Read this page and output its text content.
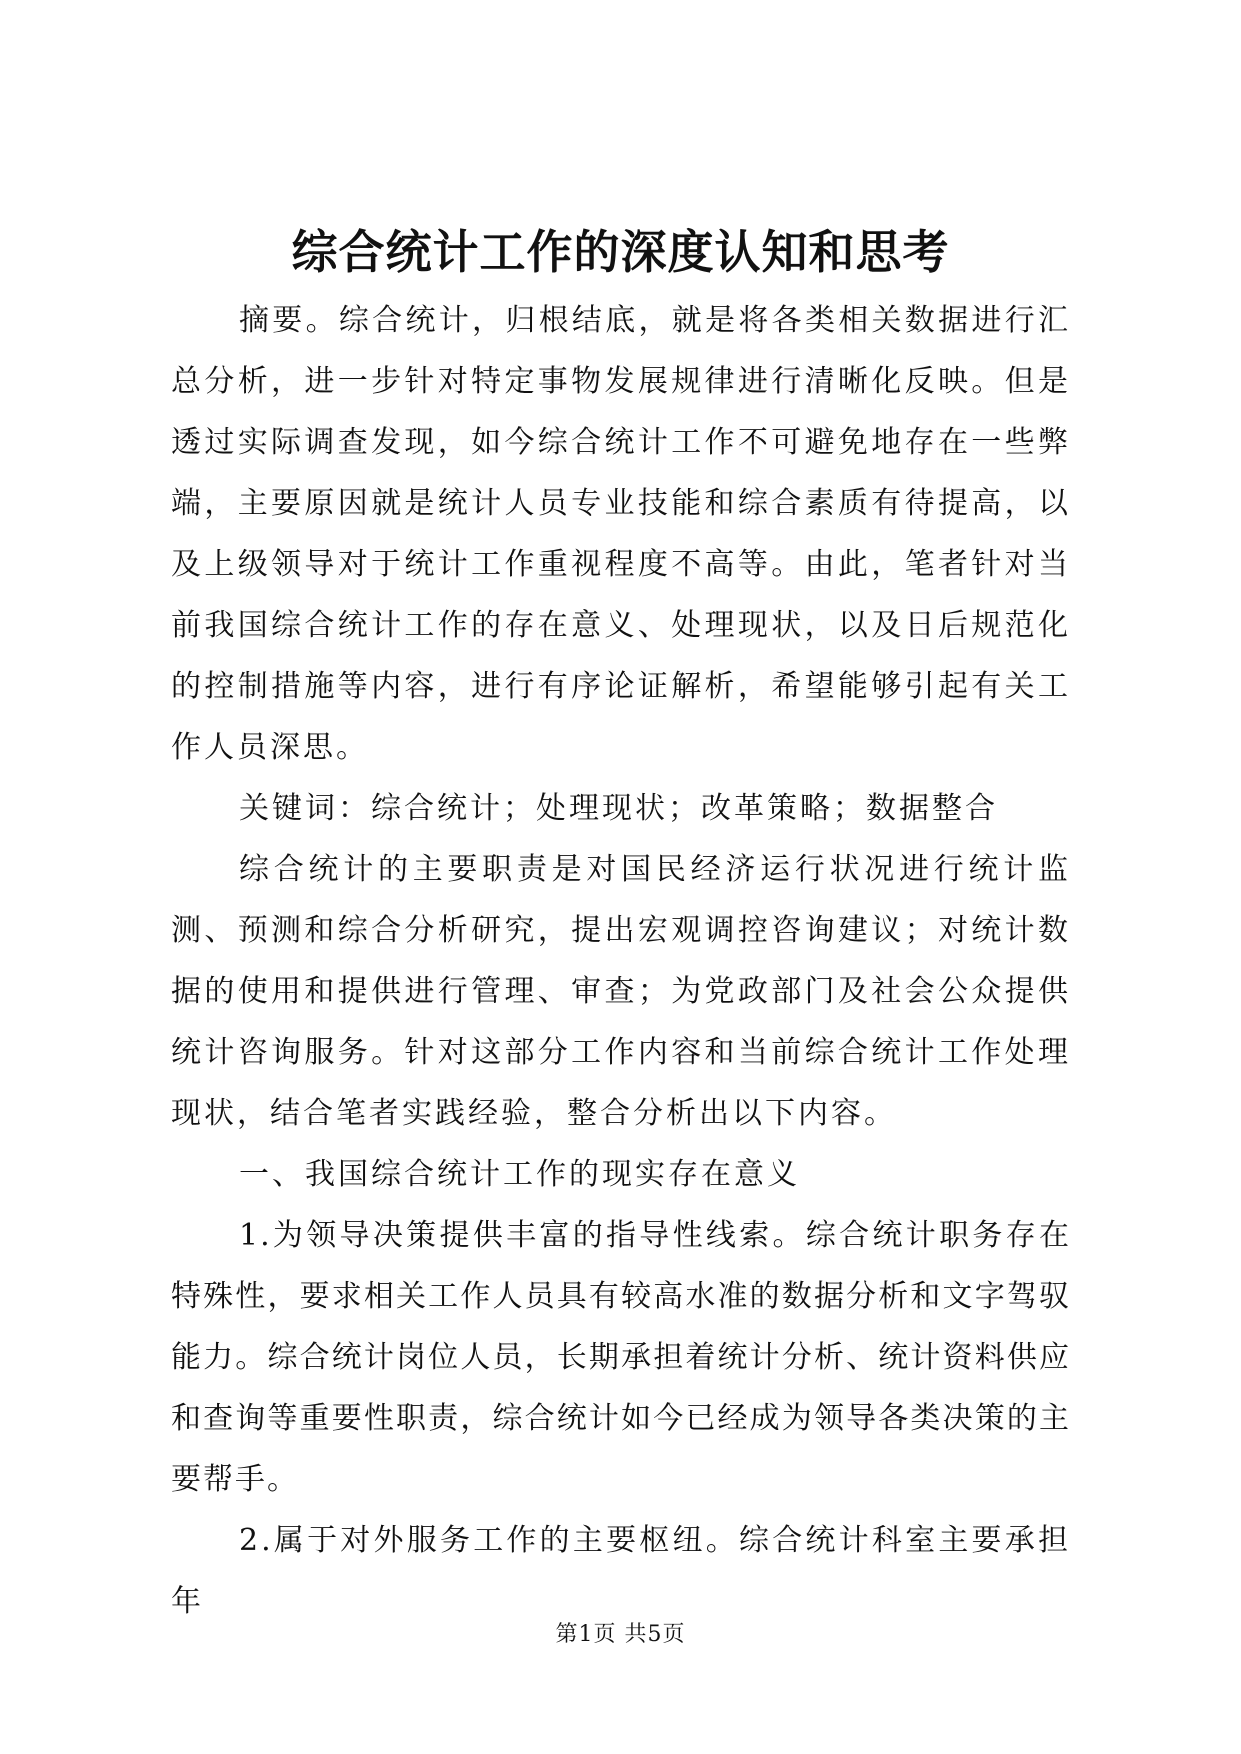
综合统计工作的深度认知和思考

摘要。综合统计，归根结底，就是将各类相关数据进行汇总分析，进一步针对特定事物发展规律进行清晰化反映。但是透过实际调查发现，如今综合统计工作不可避免地存在一些弊端，主要原因就是统计人员专业技能和综合素质有待提高，以及上级领导对于统计工作重视程度不高等。由此，笔者针对当前我国综合统计工作的存在意义、处理现状，以及日后规范化的控制措施等内容，进行有序论证解析，希望能够引起有关工作人员深思。

关键词：综合统计；处理现状；改革策略；数据整合

综合统计的主要职责是对国民经济运行状况进行统计监测、预测和综合分析研究，提出宏观调控咨询建议；对统计数据的使用和提供进行管理、审查；为党政部门及社会公众提供统计咨询服务。针对这部分工作内容和当前综合统计工作处理现状，结合笔者实践经验，整合分析出以下内容。

一、我国综合统计工作的现实存在意义

1.为领导决策提供丰富的指导性线索。综合统计职务存在特殊性，要求相关工作人员具有较高水准的数据分析和文字驾驭能力。综合统计岗位人员，长期承担着统计分析、统计资料供应和查询等重要性职责，综合统计如今已经成为领导各类决策的主要帮手。

2.属于对外服务工作的主要枢纽。综合统计科室主要承担年

第1页 共5页
